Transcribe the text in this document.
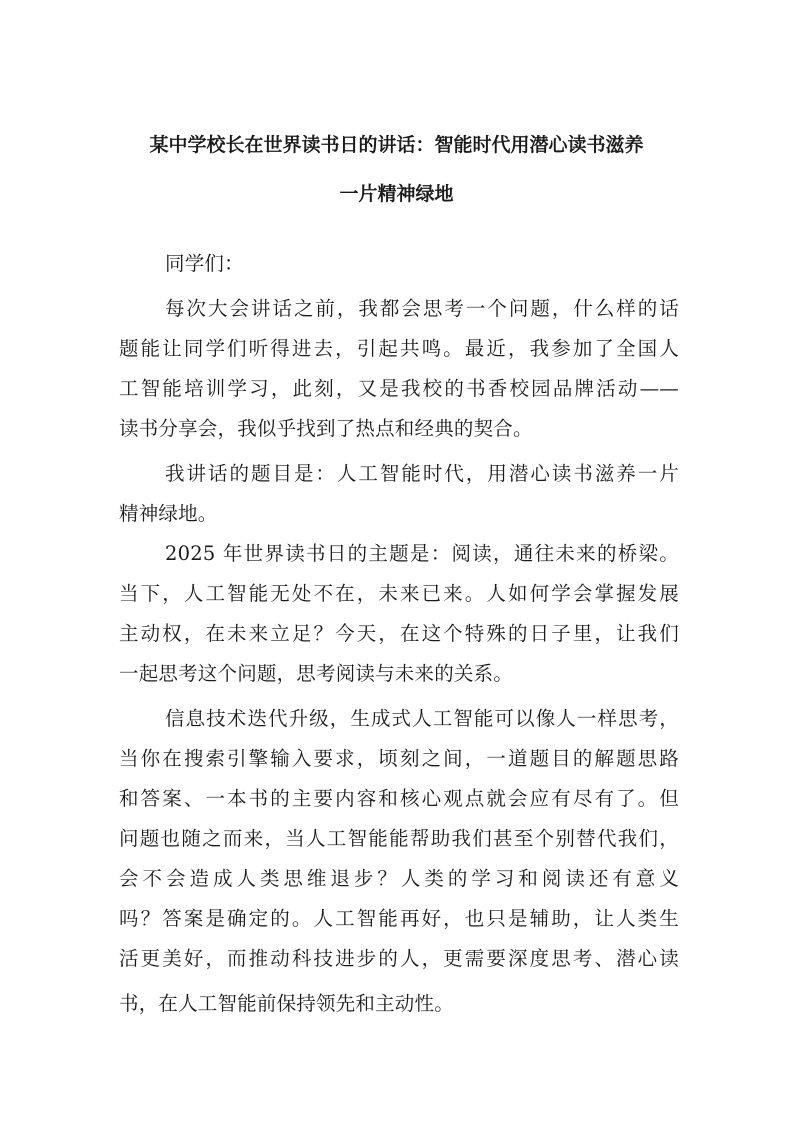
某中学校长在世界读书日的讲话：智能时代用潜心读书滋养
一片精神绿地
同学们：
每次大会讲话之前，我都会思考一个问题，什么样的话
题能让同学们听得进去，引起共鸣。最近，我参加了全国人
工智能培训学习，此刻，又是我校的书香校园品牌活动——
读书分享会，我似乎找到了热点和经典的契合。
我讲话的题目是：人工智能时代，用潜心读书滋养一片
精神绿地。
2025 年世界读书日的主题是：阅读，通往未来的桥梁。
当下，人工智能无处不在，未来已来。人如何学会掌握发展
主动权，在未来立足？今天，在这个特殊的日子里，让我们
一起思考这个问题，思考阅读与未来的关系。
信息技术迭代升级，生成式人工智能可以像人一样思考，
当你在搜索引擎输入要求，顷刻之间，一道题目的解题思路
和答案、一本书的主要内容和核心观点就会应有尽有了。但
问题也随之而来，当人工智能能帮助我们甚至个别替代我们，
会不会造成人类思维退步？人类的学习和阅读还有意义
吗？答案是确定的。人工智能再好，也只是辅助，让人类生
活更美好，而推动科技进步的人，更需要深度思考、潜心读
书，在人工智能前保持领先和主动性。
